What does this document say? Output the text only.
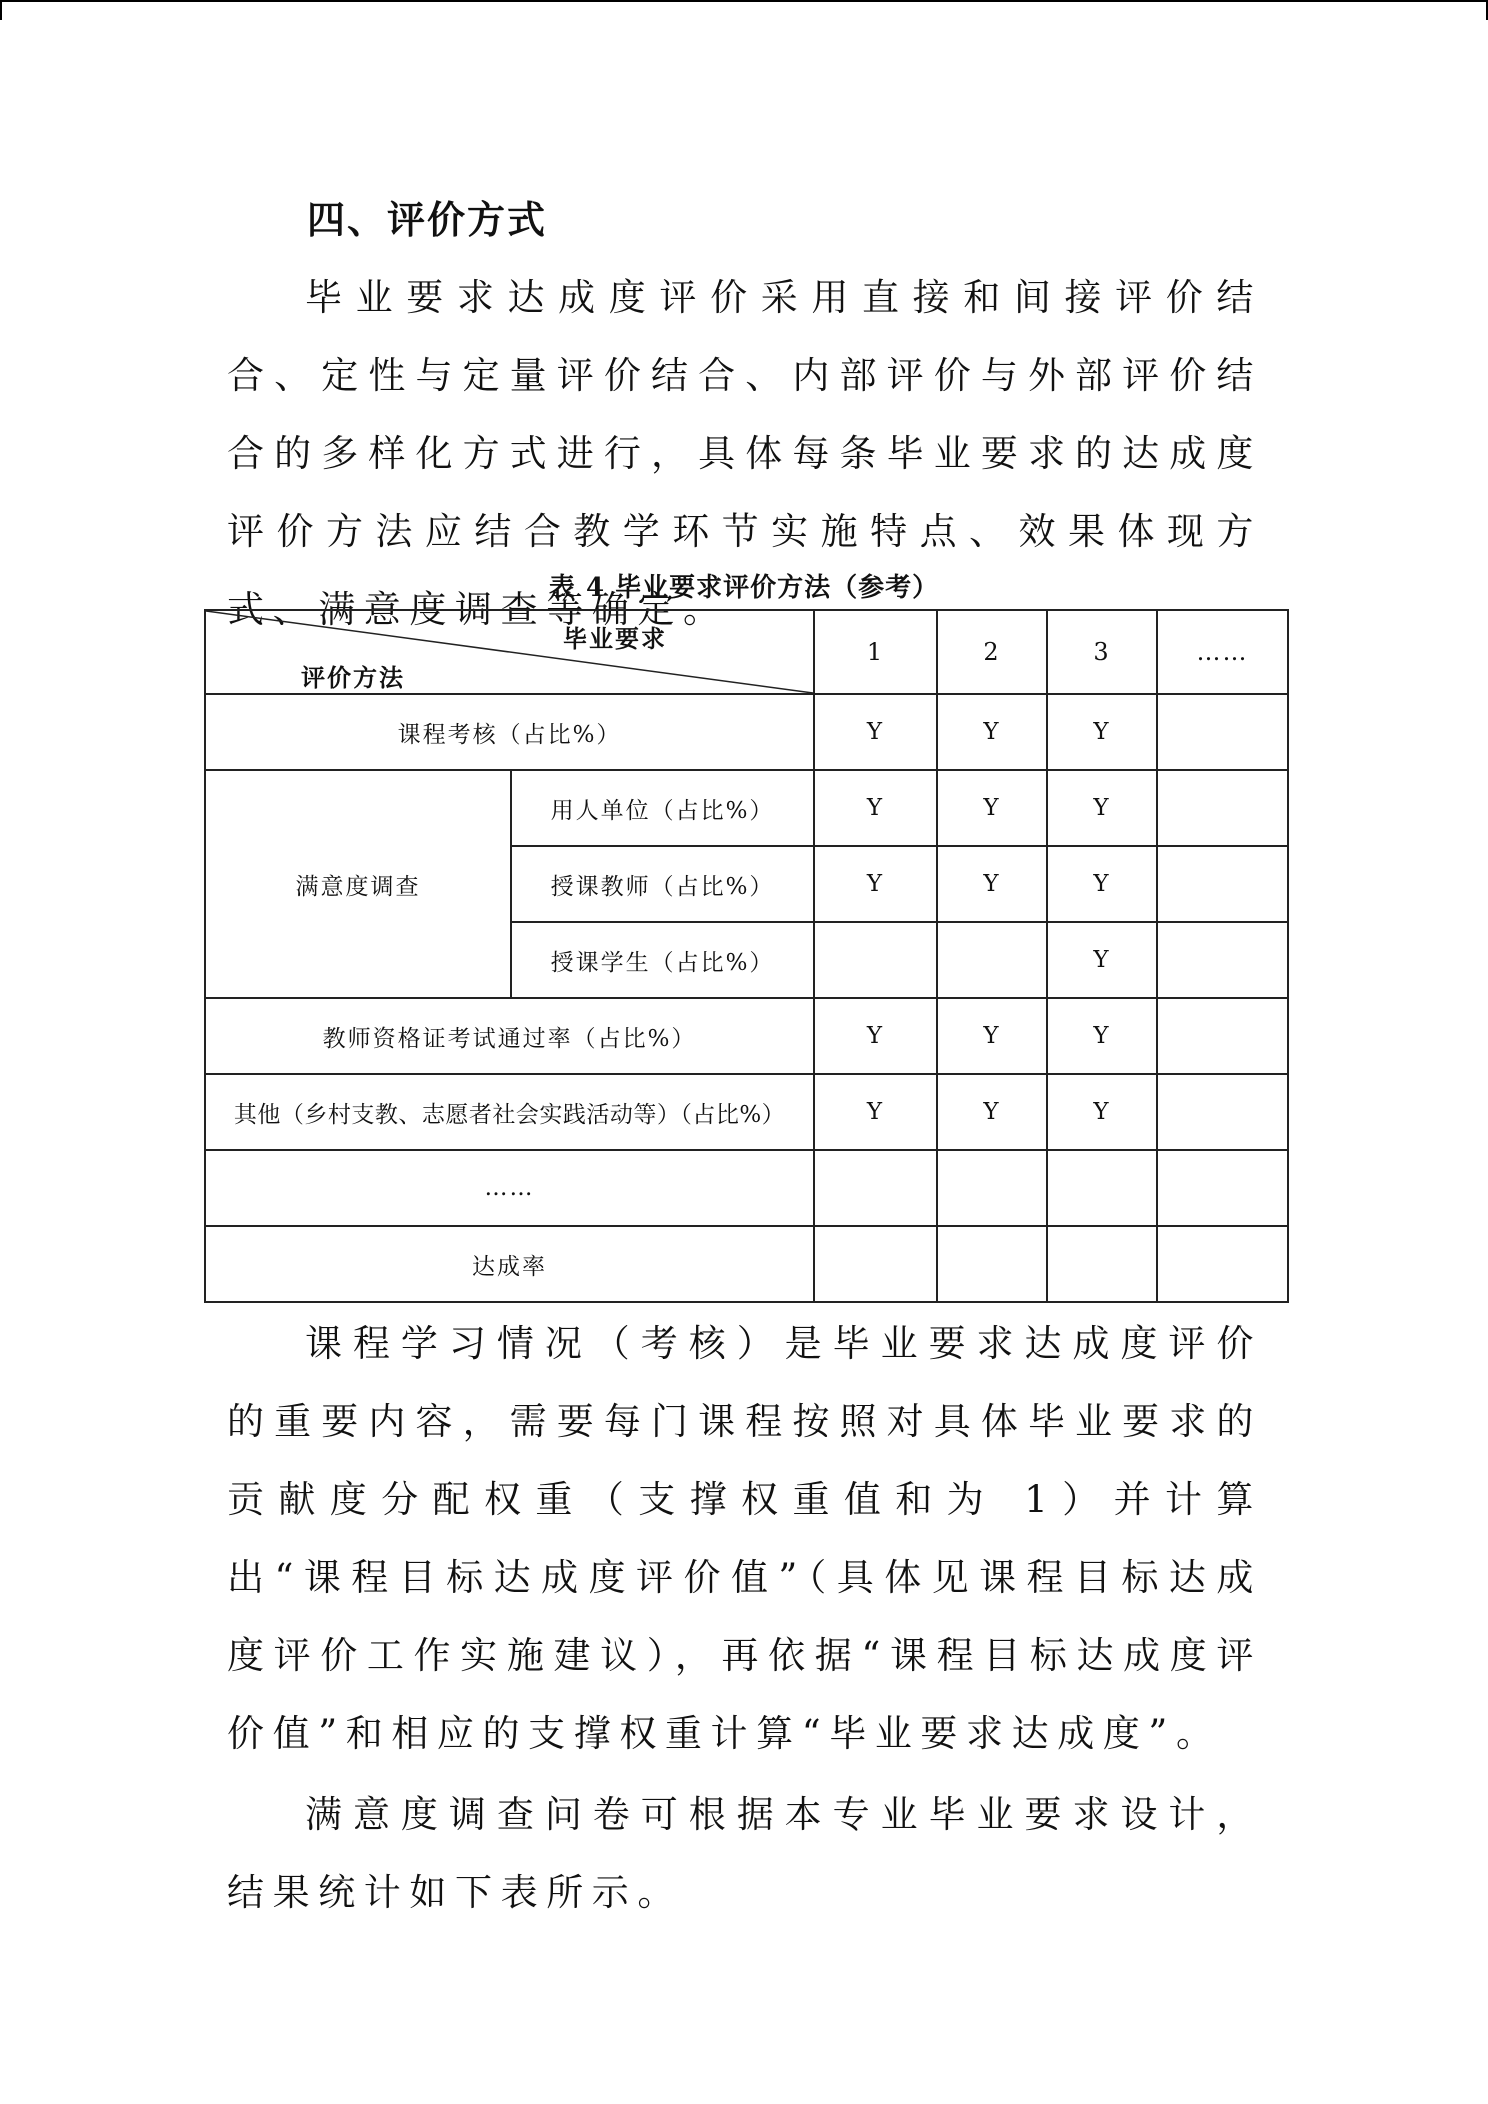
四、评价方式
毕业要求达成度评价采用直接和间接评价结合、定性与定量评价结合、内部评价与外部评价结合的多样化方式进行，具体每条毕业要求的达成度评价方法应结合教学环节实施特点、效果体现方式、满意度调查等确定。
表 4 毕业要求评价方法（参考）
毕业要求
评价方法		1	2	3	……
课程考核（占比%）		Y	Y	Y	
满意度调查	用人单位（占比%）	Y	Y	Y	
	授课教师（占比%）	Y	Y	Y	
	授课学生（占比%）			Y	
教师资格证考试通过率（占比%）		Y	Y	Y	
其他（乡村支教、志愿者社会实践活动等）（占比%）		Y	Y	Y	
……					
达成率					
课程学习情况（考核）是毕业要求达成度评价的重要内容，需要每门课程按照对具体毕业要求的贡献度分配权重（支撑权重值和为 1）并计算出“课程目标达成度评价值”（具体见课程目标达成度评价工作实施建议），再依据“课程目标达成度评价值”和相应的支撑权重计算“毕业要求达成度”。
满意度调查问卷可根据本专业毕业要求设计，结果统计如下表所示。
